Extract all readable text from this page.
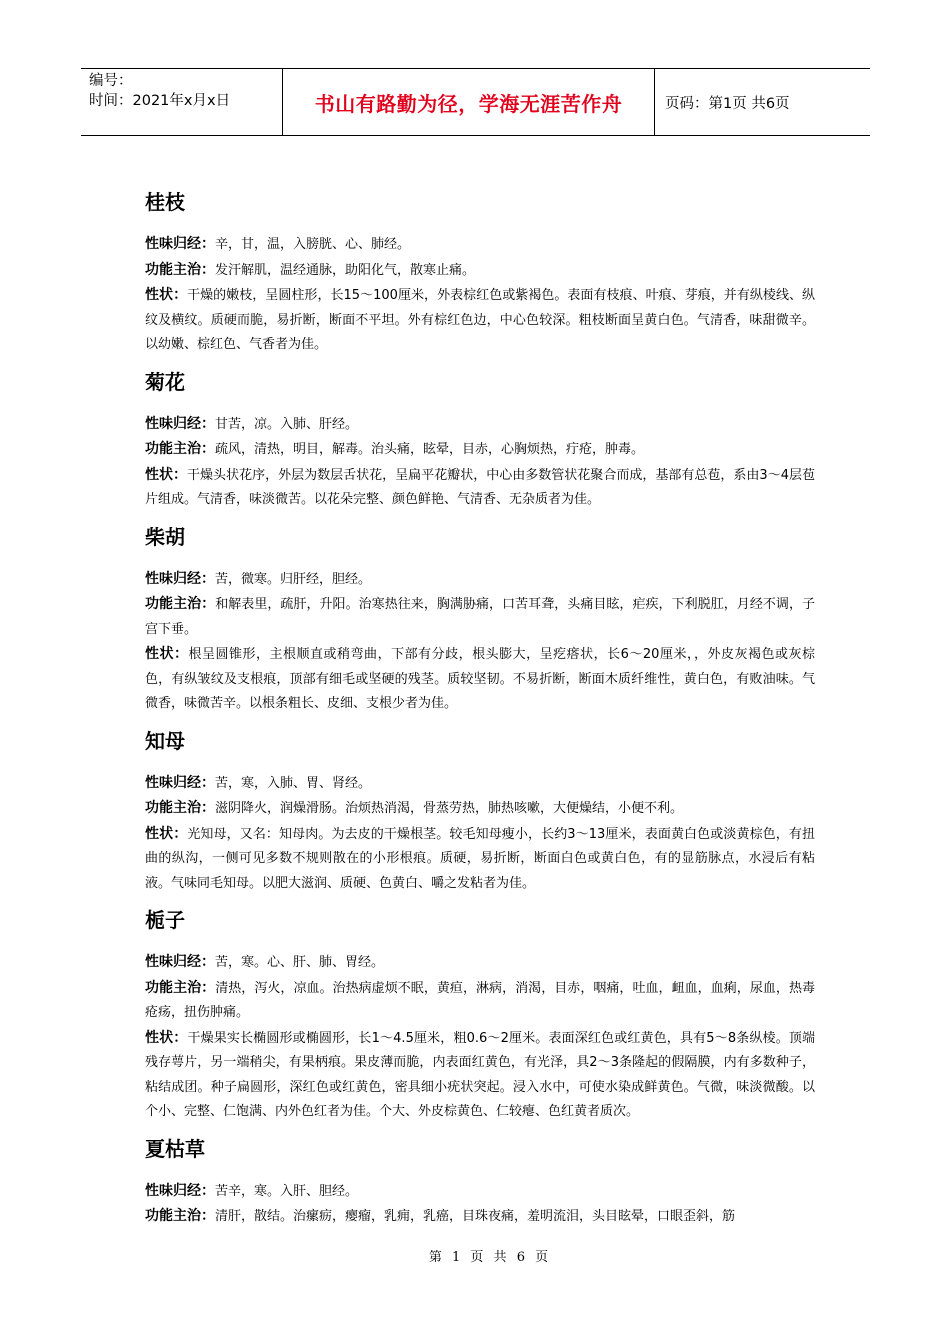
编号：
时间：2021年x月x日	书山有路勤为径，学海无涯苦作舟	页码：第1页 共6页
桂枝
性味归经：辛，甘，温，入膀胱、心、肺经。
功能主治：发汗解肌，温经通脉，助阳化气，散寒止痛。
性状：干燥的嫩枝，呈圆柱形，长15～100厘米，外表棕红色或紫褐色。表面有枝痕、叶痕、芽痕，并有纵棱线、纵纹及横纹。质硬而脆，易折断，断面不平坦。外有棕红色边，中心色较深。粗枝断面呈黄白色。气清香，味甜微辛。以幼嫩、棕红色、气香者为佳。
菊花
性味归经：甘苦，凉。入肺、肝经。
功能主治：疏风，清热，明目，解毒。治头痛，眩晕，目赤，心胸烦热，疔疮，肿毒。
性状：干燥头状花序，外层为数层舌状花，呈扁平花瓣状，中心由多数管状花聚合而成，基部有总苞，系由3～4层苞片组成。气清香，味淡微苦。以花朵完整、颜色鲜艳、气清香、无杂质者为佳。
柴胡
性味归经：苦，微寒。归肝经，胆经。
功能主治：和解表里，疏肝，升阳。治寒热往来，胸满胁痛，口苦耳聋，头痛目眩，疟疾，下利脱肛，月经不调，子宫下垂。
性状：根呈圆锥形，主根顺直或稍弯曲，下部有分歧，根头膨大，呈疙瘩状，长6～20厘米，，外皮灰褐色或灰棕色，有纵皱纹及支根痕，顶部有细毛或坚硬的残茎。质较坚韧。不易折断，断面木质纤维性，黄白色，有败油味。气微香，味微苦辛。以根条粗长、皮细、支根少者为佳。
知母
性味归经：苦，寒，入肺、胃、肾经。
功能主治：滋阴降火，润燥滑肠。治烦热消渴，骨蒸劳热，肺热咳嗽，大便燥结，小便不利。
性状：光知母，又名：知母肉。为去皮的干燥根茎。较毛知母瘦小，长约3～13厘米，表面黄白色或淡黄棕色，有扭曲的纵沟，一侧可见多数不规则散在的小形根痕。质硬，易折断，断面白色或黄白色，有的显筋脉点，水浸后有粘液。气味同毛知母。以肥大滋润、质硬、色黄白、嚼之发粘者为佳。
栀子
性味归经：苦，寒。心、肝、肺、胃经。
功能主治：清热，泻火，凉血。治热病虚烦不眠，黄疸，淋病，消渴，目赤，咽痛，吐血，衄血，血痢，尿血，热毒疮疡，扭伤肿痛。
性状：干燥果实长椭圆形或椭圆形，长1～4.5厘米，粗0.6～2厘米。表面深红色或红黄色，具有5～8条纵棱。顶端残存萼片，另一端稍尖，有果柄痕。果皮薄而脆，内表面红黄色，有光泽，具2～3条隆起的假隔膜，内有多数种子，粘结成团。种子扁圆形，深红色或红黄色，密具细小疣状突起。浸入水中，可使水染成鲜黄色。气微，味淡微酸。以个小、完整、仁饱满、内外色红者为佳。个大、外皮棕黄色、仁较瘪、色红黄者质次。
夏枯草
性味归经：苦辛，寒。入肝、胆经。
功能主治：清肝，散结。治瘰疬，瘿瘤，乳痈，乳癌，目珠夜痛，羞明流泪，头目眩晕，口眼歪斜，筋
第 1 页 共 6 页
